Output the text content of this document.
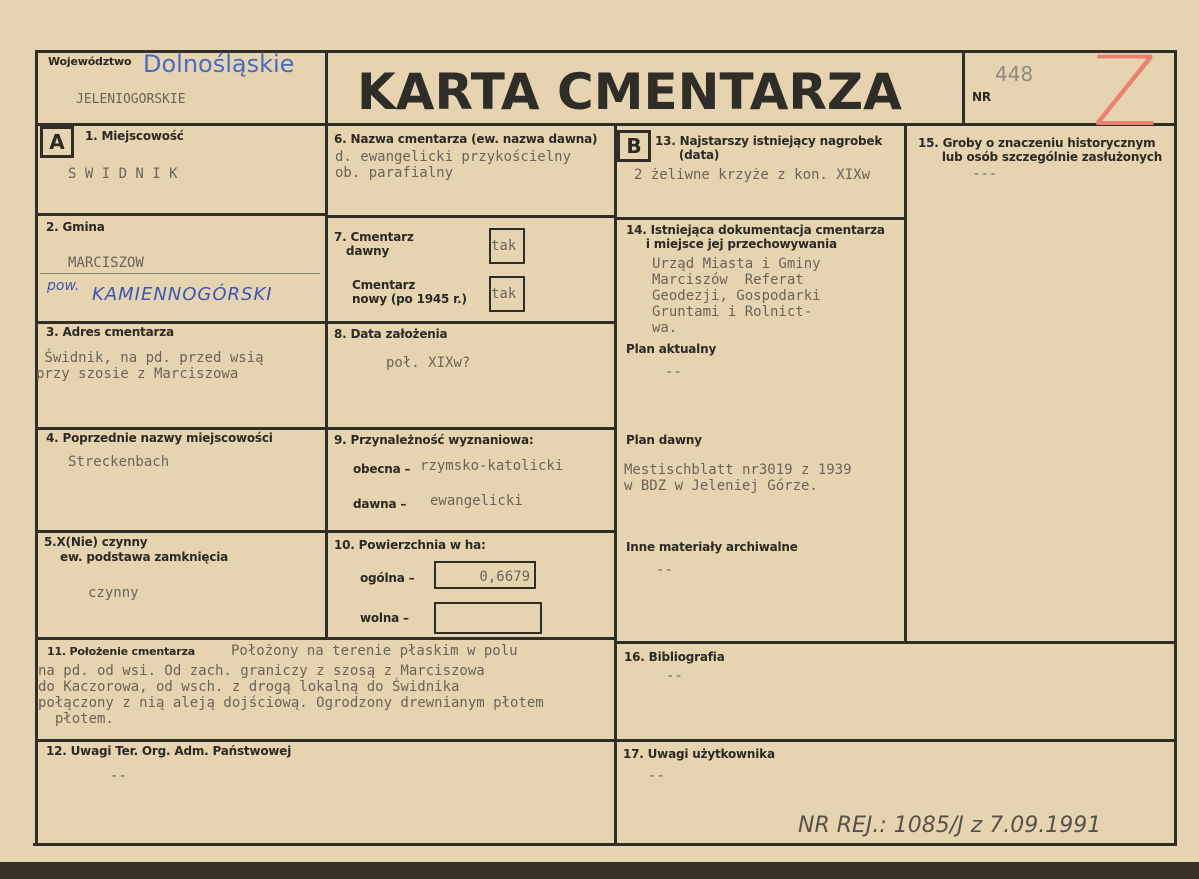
Województwo Dolnośląskie
JELENIOGORSKIE	KARTA CMENTARZA	NR
448 Z
A	1. Miejscowość
S W I D N I K
2. Gmina
MARCISZOW
pow. KAMIENNOGÓRSKI
3. Adres cmentarza
Świdnik, na pd. przed wsią
przy szosie z Marciszowa
4. Poprzednie nazwy miejscowości
Streckenbach
5.X(Nie) czynny
ew. podstawa zamknięcia
czynny
6. Nazwa cmentarza (ew. nazwa dawna)
d. ewangelicki przykościelny
ob. parafialny
7. Cmentarz
dawny	tak
Cmentarz
nowy (po 1945 r.) tak
8. Data założenia
poł. XIXw?
9. Przynależność wyznaniowa:
obecna – rzymsko-katolicki
dawna – ewangelicki
10. Powierzchnia w ha:
ogólna –	0,6679
wolna –
11. Położenie cmentarza	Położony na terenie płaskim w polu
na pd. od wsi. Od zach. graniczy z szosą z Marciszowa
do Kaczorowa, od wsch. z drogą lokalną do Świdnika
połączony z nią aleją dojściową. Ogrodzony drewnianym płotem
płotem.
12. Uwagi Ter. Org. Adm. Państwowej
--
B	13. Najstarszy istniejący nagrobek
(data)
2 żeliwne krzyże z kon. XIXw
14. Istniejąca dokumentacja cmentarza
i miejsce jej przechowywania
Urząd Miasta i Gminy
Marciszów  Referat
Geodezji, Gospodarki
Gruntami i Rolnict-
wa.
Plan aktualny
--
Plan dawny
Mestischblatt nr3019 z 1939
w BDZ w Jeleniej Górze.
Inne materiały archiwalne
--
15. Groby o znaczeniu historycznym
lub osób szczególnie zasłużonych
---
16. Bibliografia
--
17. Uwagi użytkownika
--
NR REJ.: 1085/J z 7.09.1991
